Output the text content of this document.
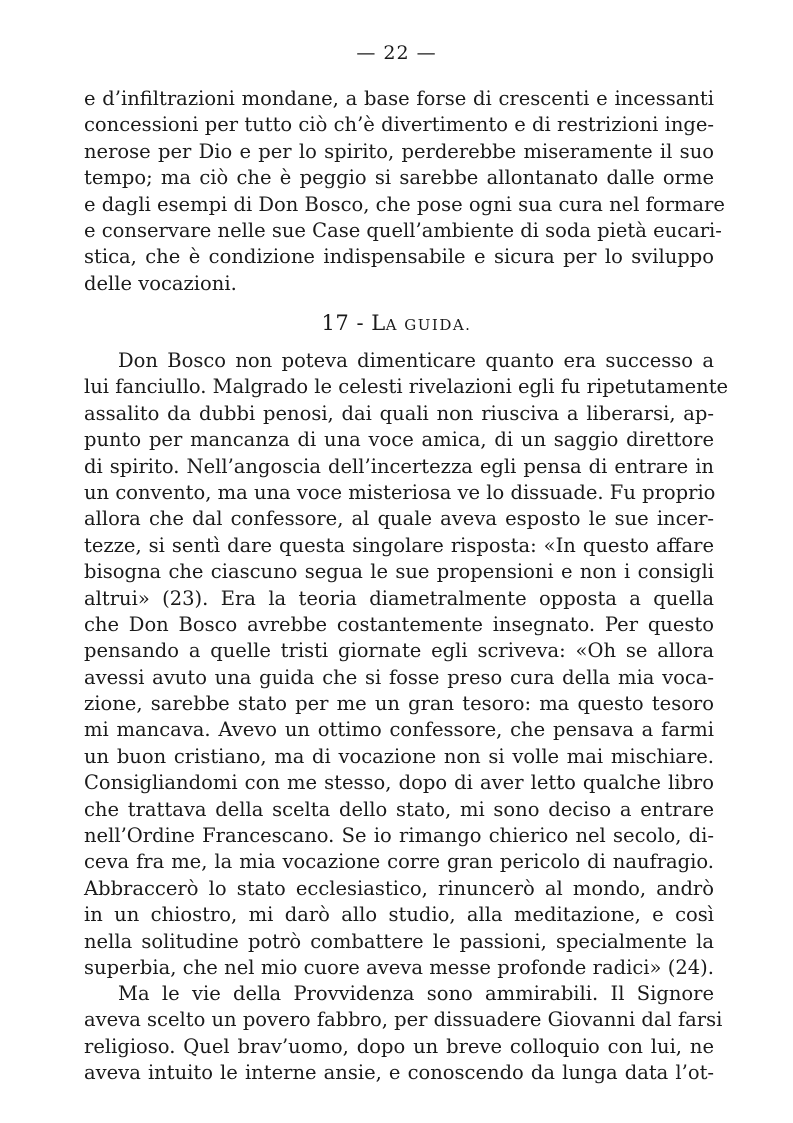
— 22 —
e d’infiltrazioni mondane, a base forse di crescenti e incessanti
concessioni per tutto ciò ch’è divertimento e di restrizioni inge-
nerose per Dio e per lo spirito, perderebbe miseramente il suo
tempo; ma ciò che è peggio si sarebbe allontanato dalle orme
e dagli esempi di Don Bosco, che pose ogni sua cura nel formare
e conservare nelle sue Case quell’ambiente di soda pietà eucari-
stica, che è condizione indispensabile e sicura per lo sviluppo
delle vocazioni.
17 - LA GUIDA.
Don Bosco non poteva dimenticare quanto era successo a
lui fanciullo. Malgrado le celesti rivelazioni egli fu ripetutamente
assalito da dubbi penosi, dai quali non riusciva a liberarsi, ap-
punto per mancanza di una voce amica, di un saggio direttore
di spirito. Nell’angoscia dell’incertezza egli pensa di entrare in
un convento, ma una voce misteriosa ve lo dissuade. Fu proprio
allora che dal confessore, al quale aveva esposto le sue incer-
tezze, si sentì dare questa singolare risposta: «In questo affare
bisogna che ciascuno segua le sue propensioni e non i consigli
altrui» (23). Era la teoria diametralmente opposta a quella
che Don Bosco avrebbe costantemente insegnato. Per questo
pensando a quelle tristi giornate egli scriveva: «Oh se allora
avessi avuto una guida che si fosse preso cura della mia voca-
zione, sarebbe stato per me un gran tesoro: ma questo tesoro
mi mancava. Avevo un ottimo confessore, che pensava a farmi
un buon cristiano, ma di vocazione non si volle mai mischiare.
Consigliandomi con me stesso, dopo di aver letto qualche libro
che trattava della scelta dello stato, mi sono deciso a entrare
nell’Ordine Francescano. Se io rimango chierico nel secolo, di-
ceva fra me, la mia vocazione corre gran pericolo di naufragio.
Abbraccerò lo stato ecclesiastico, rinuncerò al mondo, andrò
in un chiostro, mi darò allo studio, alla meditazione, e così
nella solitudine potrò combattere le passioni, specialmente la
superbia, che nel mio cuore aveva messe profonde radici» (24).
Ma le vie della Provvidenza sono ammirabili. Il Signore
aveva scelto un povero fabbro, per dissuadere Giovanni dal farsi
religioso. Quel brav’uomo, dopo un breve colloquio con lui, ne
aveva intuito le interne ansie, e conoscendo da lunga data l’ot-
